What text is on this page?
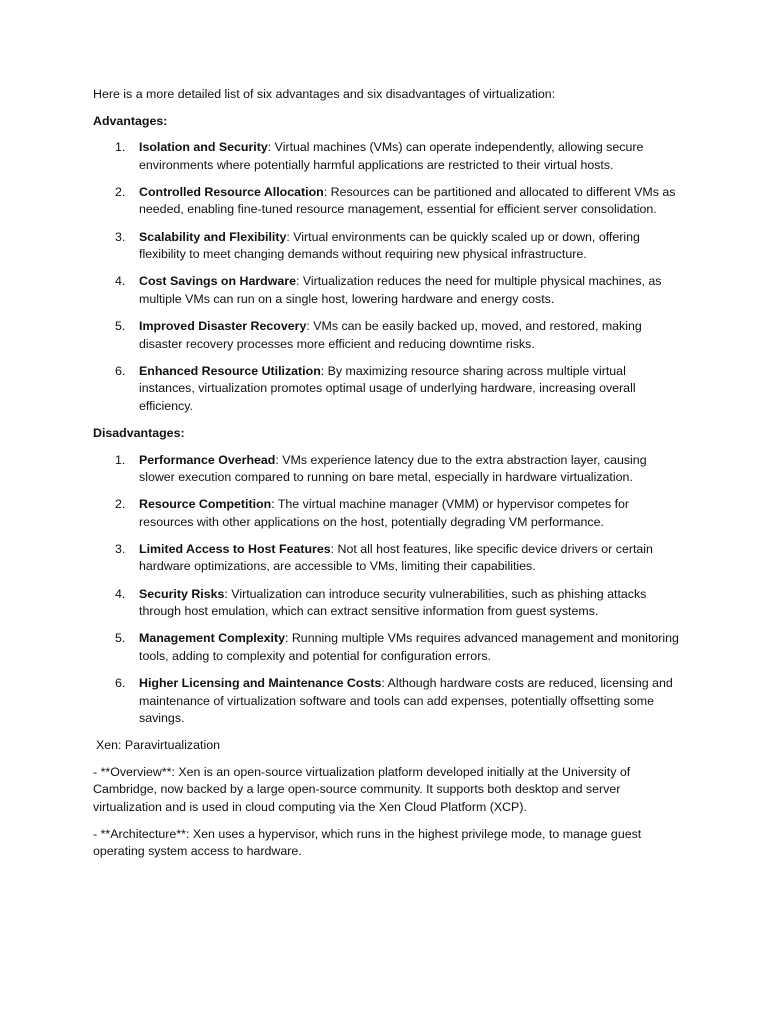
Here is a more detailed list of six advantages and six disadvantages of virtualization:

Advantages:

1. Isolation and Security: Virtual machines (VMs) can operate independently, allowing secure environments where potentially harmful applications are restricted to their virtual hosts.
2. Controlled Resource Allocation: Resources can be partitioned and allocated to different VMs as needed, enabling fine-tuned resource management, essential for efficient server consolidation.
3. Scalability and Flexibility: Virtual environments can be quickly scaled up or down, offering flexibility to meet changing demands without requiring new physical infrastructure.
4. Cost Savings on Hardware: Virtualization reduces the need for multiple physical machines, as multiple VMs can run on a single host, lowering hardware and energy costs.
5. Improved Disaster Recovery: VMs can be easily backed up, moved, and restored, making disaster recovery processes more efficient and reducing downtime risks.
6. Enhanced Resource Utilization: By maximizing resource sharing across multiple virtual instances, virtualization promotes optimal usage of underlying hardware, increasing overall efficiency.

Disadvantages:

1. Performance Overhead: VMs experience latency due to the extra abstraction layer, causing slower execution compared to running on bare metal, especially in hardware virtualization.
2. Resource Competition: The virtual machine manager (VMM) or hypervisor competes for resources with other applications on the host, potentially degrading VM performance.
3. Limited Access to Host Features: Not all host features, like specific device drivers or certain hardware optimizations, are accessible to VMs, limiting their capabilities.
4. Security Risks: Virtualization can introduce security vulnerabilities, such as phishing attacks through host emulation, which can extract sensitive information from guest systems.
5. Management Complexity: Running multiple VMs requires advanced management and monitoring tools, adding to complexity and potential for configuration errors.
6. Higher Licensing and Maintenance Costs: Although hardware costs are reduced, licensing and maintenance of virtualization software and tools can add expenses, potentially offsetting some savings.

Xen: Paravirtualization

- **Overview**: Xen is an open-source virtualization platform developed initially at the University of Cambridge, now backed by a large open-source community. It supports both desktop and server virtualization and is used in cloud computing via the Xen Cloud Platform (XCP).

- **Architecture**: Xen uses a hypervisor, which runs in the highest privilege mode, to manage guest operating system access to hardware.
